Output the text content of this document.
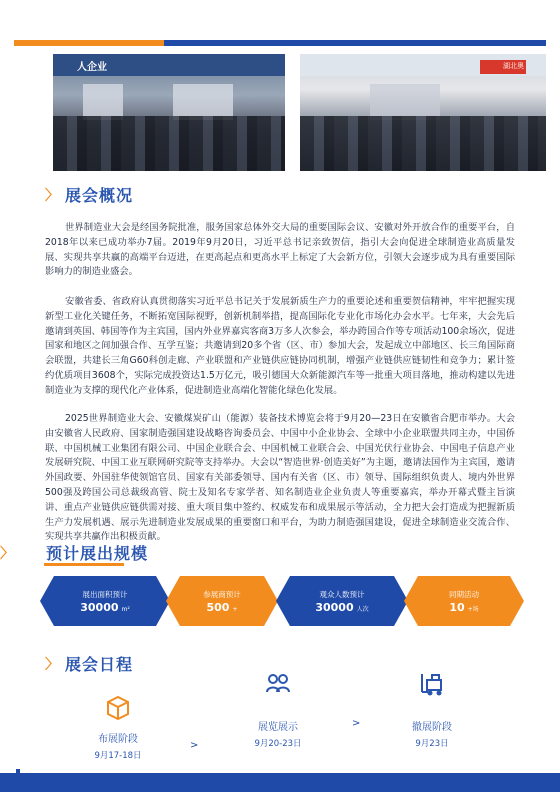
人企业	湖北奥
〉 展会概况

世界制造业大会是经国务院批准，服务国家总体外交大局的重要国际会议、安徽对外开放合作的重要平台，自2018年以来已成功举办7届。2019年9月20日，习近平总书记亲致贺信，指引大会向促进全球制造业高质量发展、实现共享共赢的高端平台迈进，在更高起点和更高水平上标定了大会新方位，引领大会逐步成为具有重要国际影响力的制造业盛会。

安徽省委、省政府认真贯彻落实习近平总书记关于发展新质生产力的重要论述和重要贺信精神，牢牢把握实现新型工业化关键任务，不断拓宽国际视野，创新机制举措，提高国际化专业化市场化办会水平。七年来，大会先后邀请到英国、韩国等作为主宾国，国内外业界嘉宾客商3万多人次参会，举办跨国合作等专项活动100余场次，促进国家和地区之间加强合作、互学互鉴；共邀请到20多个省（区、市）参加大会，发起成立中部地区、长三角国际商会联盟，共建长三角G60科创走廊、产业联盟和产业链供应链协同机制，增强产业链供应链韧性和竞争力；累计签约优质项目3608个，实际完成投资达1.5万亿元，吸引德国大众新能源汽车等一批重大项目落地，推动构建以先进制造业为支撑的现代化产业体系，促进制造业高端化智能化绿色化发展。

2025世界制造业大会、安徽煤炭矿山（能源）装备技术博览会将于9月20—23日在安徽省合肥市举办。大会由安徽省人民政府、国家制造强国建设战略咨询委员会、中国中小企业协会、全球中小企业联盟共同主办，中国侨联、中国机械工业集团有限公司、中国企业联合会、中国机械工业联合会、中国光伏行业协会、中国电子信息产业发展研究院、中国工业互联网研究院等支持举办。大会以“智造世界·创造美好”为主题，邀请法国作为主宾国，邀请外国政要、外国驻华使领馆官员、国家有关部委领导、国内有关省（区、市）领导、国际组织负责人、境内外世界500强及跨国公司总裁级高管、院士及知名专家学者、知名制造业企业负责人等重要嘉宾，举办开幕式暨主旨演讲、重点产业链供应链供需对接、重大项目集中签约、权威发布和成果展示等活动，全力把大会打造成为把握新质生产力发展机遇、展示先进制造业发展成果的重要窗口和平台，为助力制造强国建设，促进全球制造业交流合作、实现共享共赢作出积极贡献。

〉 预计展出规模
展出面积预计
30000 m²
参展商预计
500 +
观众人数预计
30000 人次
同期活动
10 +场
〉 展会日程
布展阶段
9月17-18日
>
展览展示
9月20-23日
>	撤展阶段
9月23日
